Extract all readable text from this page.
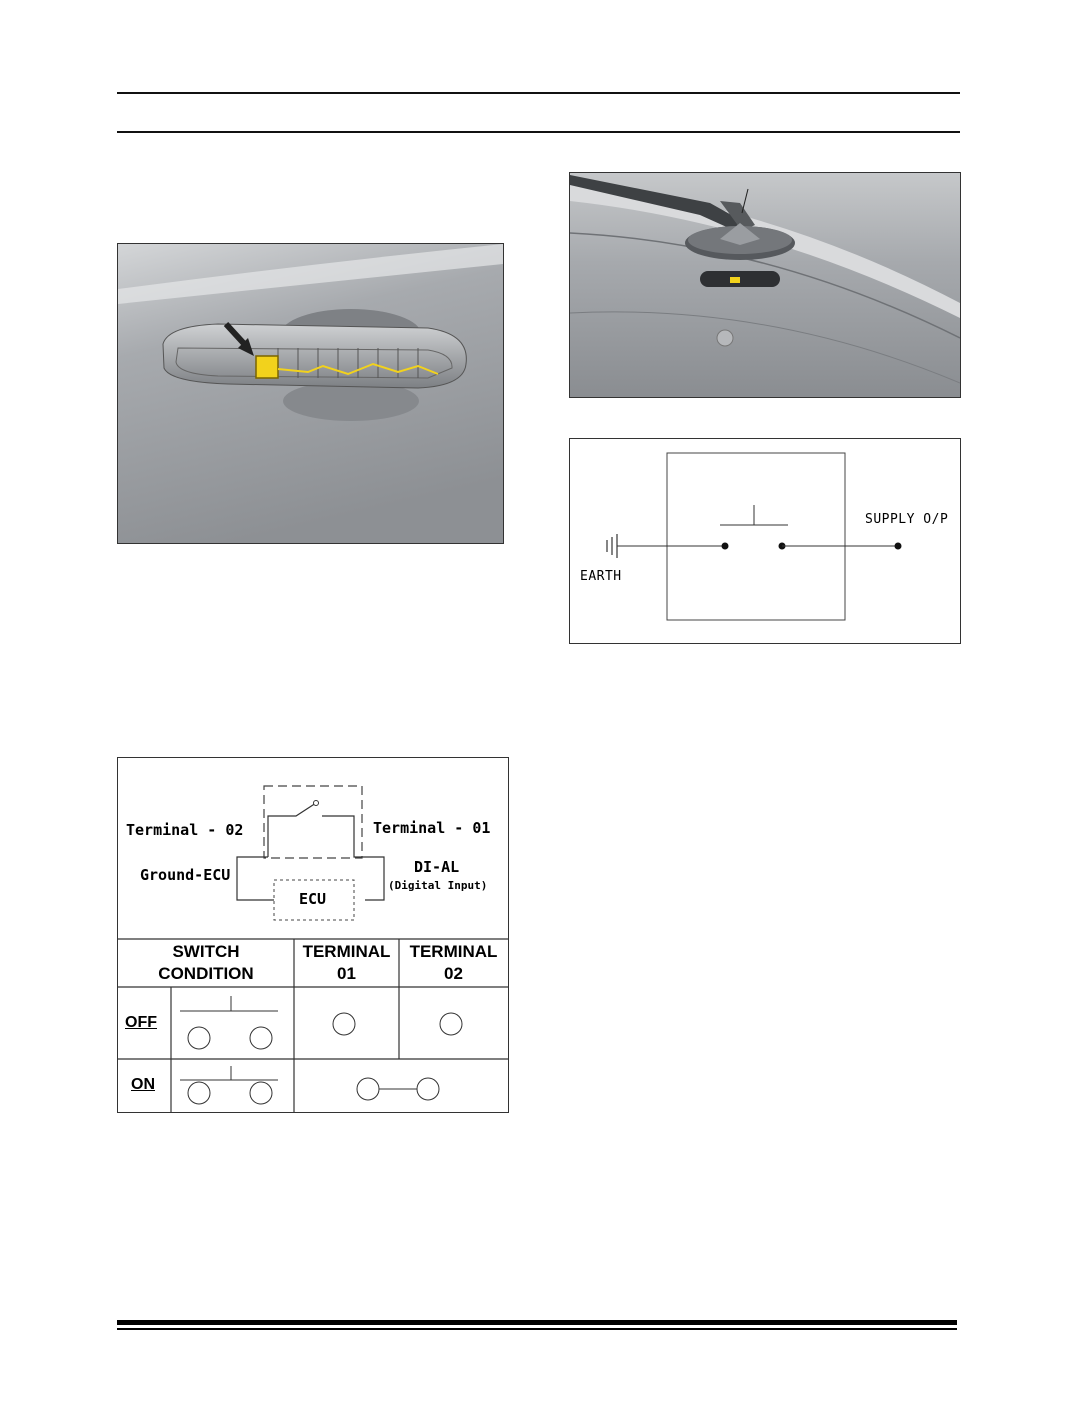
EARTH
SUPPLY O/P
Terminal - 02	Terminal - 01
Ground-ECU	DI-AL
(Digital Input)
ECU
SWITCH
CONDITION
TERMINAL
01
TERMINAL
02
OFF
ON
